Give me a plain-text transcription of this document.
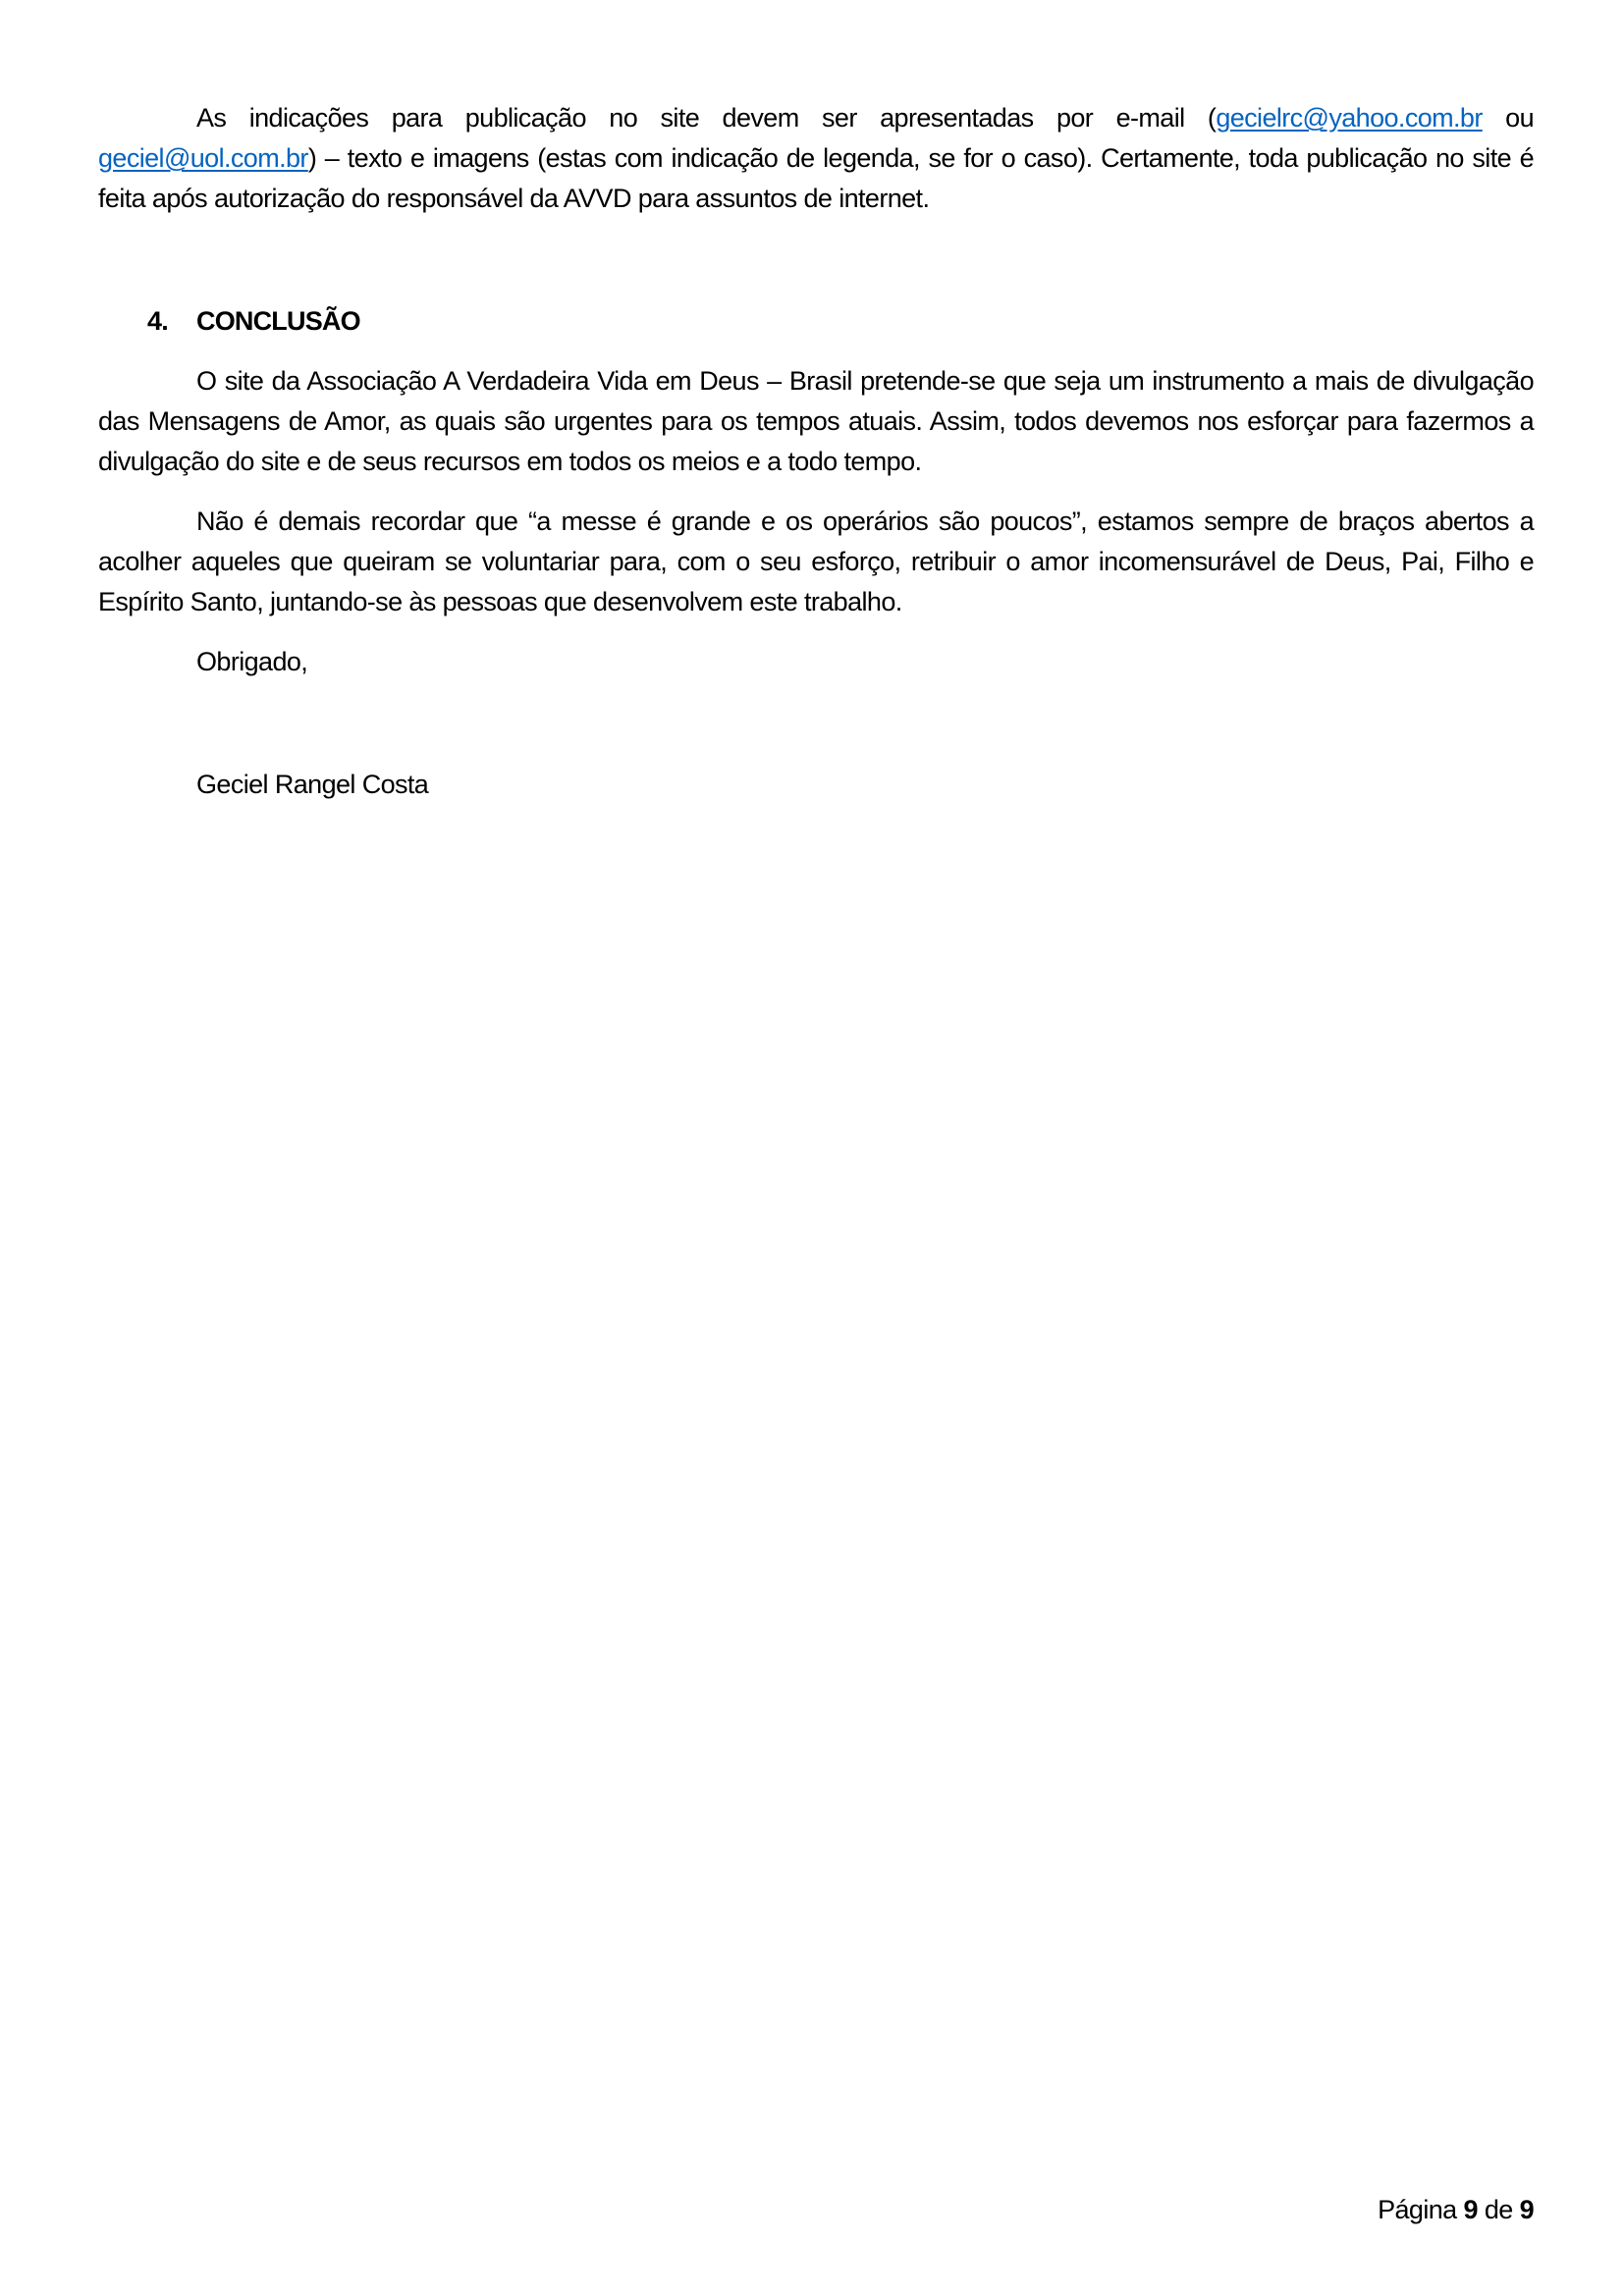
As indicações para publicação no site devem ser apresentadas por e-mail (gecielrc@yahoo.com.br ou geciel@uol.com.br) – texto e imagens (estas com indicação de legenda, se for o caso). Certamente, toda publicação no site é feita após autorização do responsável da AVVD para assuntos de internet.

4. CONCLUSÃO

O site da Associação A Verdadeira Vida em Deus – Brasil pretende-se que seja um instrumento a mais de divulgação das Mensagens de Amor, as quais são urgentes para os tempos atuais. Assim, todos devemos nos esforçar para fazermos a divulgação do site e de seus recursos em todos os meios e a todo tempo.

Não é demais recordar que “a messe é grande e os operários são poucos”, estamos sempre de braços abertos a acolher aqueles que queiram se voluntariar para, com o seu esforço, retribuir o amor incomensurável de Deus, Pai, Filho e Espírito Santo, juntando-se às pessoas que desenvolvem este trabalho.

Obrigado,

Geciel Rangel Costa

Página 9 de 9
